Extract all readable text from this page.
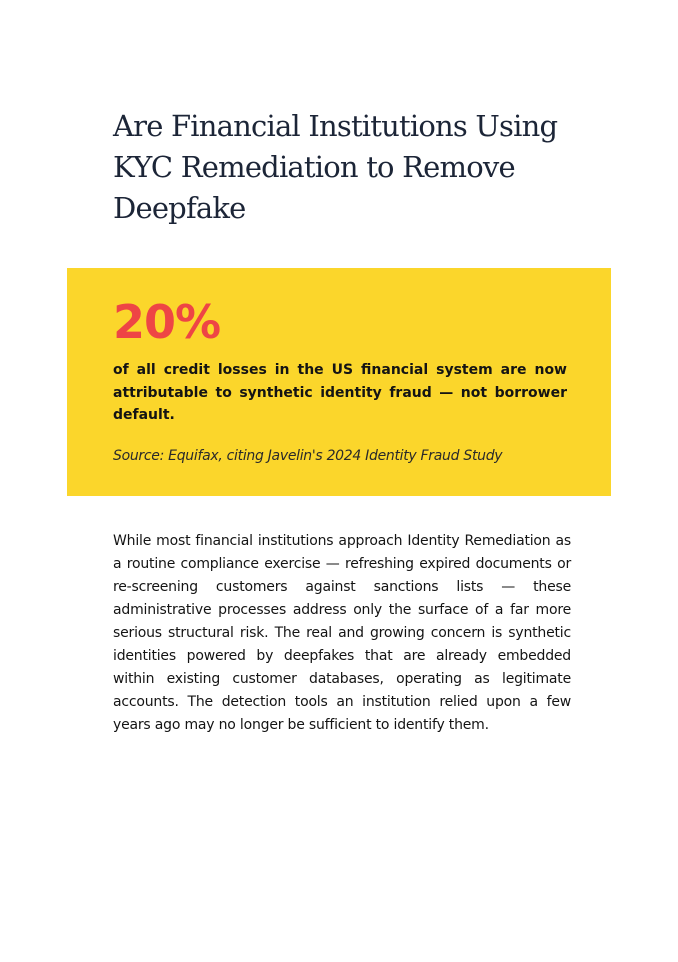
Are Financial Institutions Using KYC Remediation to Remove Deepfake
20%

of all credit losses in the US financial system are now attributable to synthetic identity fraud — not borrower default.

Source: Equifax, citing Javelin's 2024 Identity Fraud Study

While most financial institutions approach Identity Remediation as a routine compliance exercise — refreshing expired documents or re-screening customers against sanctions lists — these administrative processes address only the surface of a far more serious structural risk. The real and growing concern is synthetic identities powered by deepfakes that are already embedded within existing customer databases, operating as legitimate accounts. The detection tools an institution relied upon a few years ago may no longer be sufficient to identify them.
